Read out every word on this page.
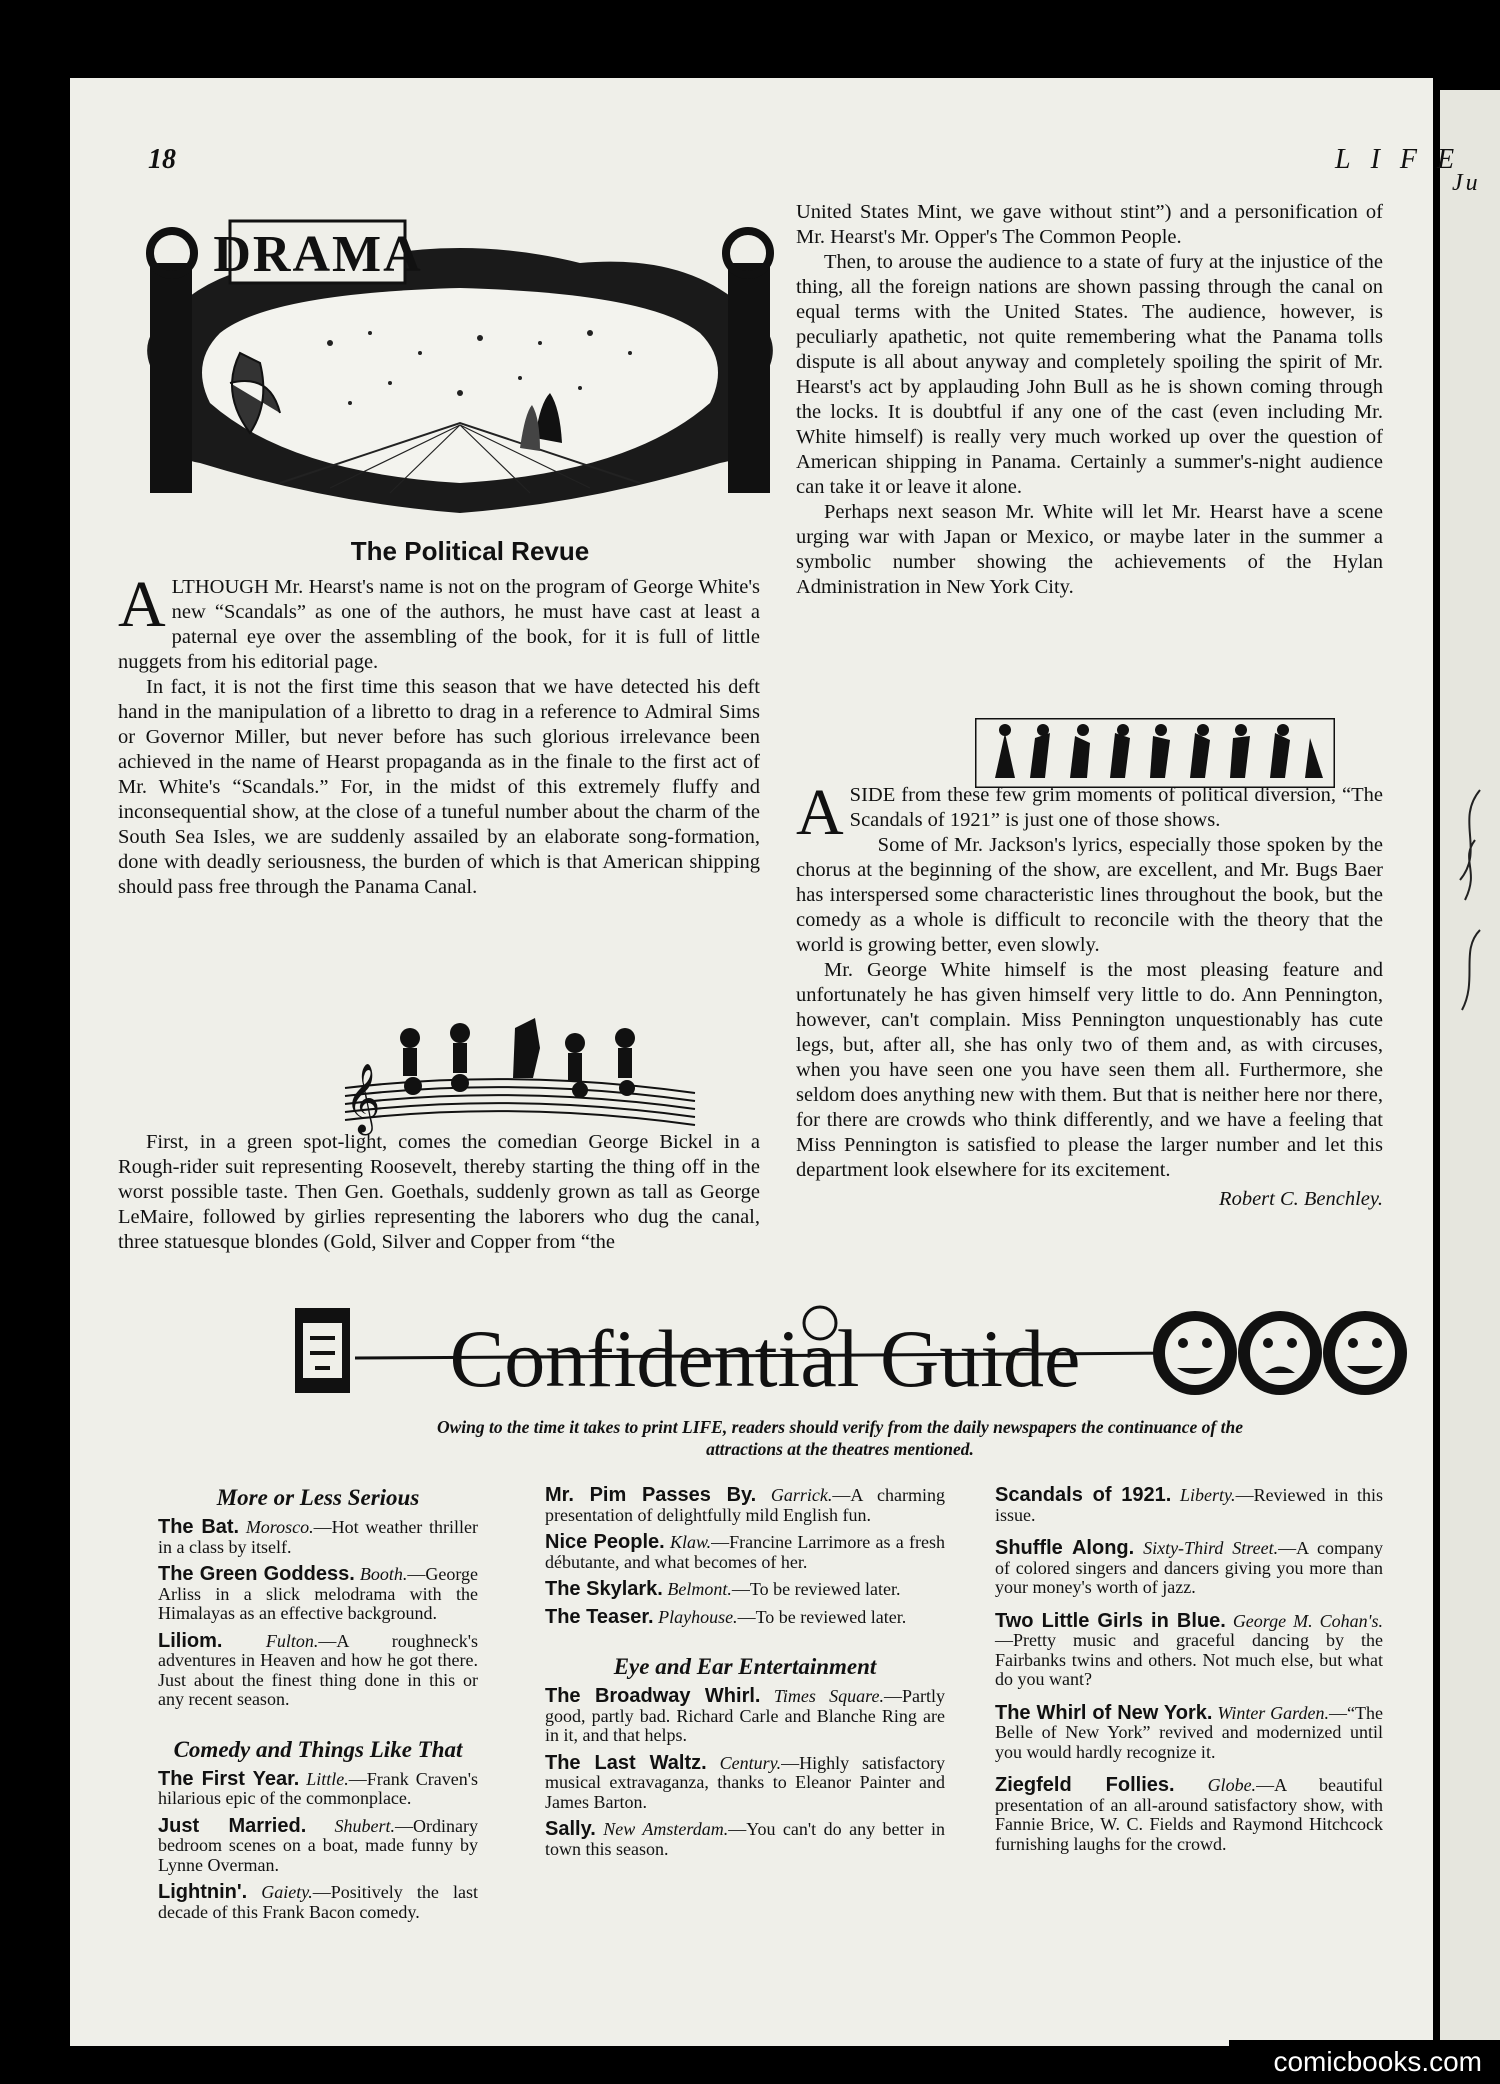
Ju
18	LIFE
DRAMA
The Political Revue

ALTHOUGH Mr. Hearst's name is not on the program of George White's new “Scandals” as one of the authors, he must have cast at least a paternal eye over the assembling of the book, for it is full of little nuggets from his editorial page.

In fact, it is not the first time this season that we have detected his deft hand in the manipulation of a libretto to drag in a reference to Admiral Sims or Governor Miller, but never before has such glorious irrelevance been achieved in the name of Hearst propaganda as in the finale to the first act of Mr. White's “Scandals.” For, in the midst of this extremely fluffy and inconsequential show, at the close of a tuneful number about the charm of the South Sea Isles, we are suddenly assailed by an elaborate song-formation, done with deadly seriousness, the burden of which is that American shipping should pass free through the Panama Canal.

𝄞

First, in a green spot-light, comes the comedian George Bickel in a Rough-rider suit representing Roosevelt, thereby starting the thing off in the worst possible taste. Then Gen. Goethals, suddenly grown as tall as George LeMaire, followed by girlies representing the laborers who dug the canal, three statuesque blondes (Gold, Silver and Copper from “the

United States Mint, we gave without stint”) and a personification of Mr. Hearst's Mr. Opper's The Common People.

Then, to arouse the audience to a state of fury at the injustice of the thing, all the foreign nations are shown passing through the canal on equal terms with the United States. The audience, however, is peculiarly apathetic, not quite remembering what the Panama tolls dispute is all about anyway and completely spoiling the spirit of Mr. Hearst's act by applauding John Bull as he is shown coming through the locks. It is doubtful if any one of the cast (even including Mr. White himself) is really very much worked up over the question of American shipping in Panama. Certainly a summer's-night audience can take it or leave it alone.

Perhaps next season Mr. White will let Mr. Hearst have a scene urging war with Japan or Mexico, or maybe later in the summer a symbolic number showing the achievements of the Hylan Administration in New York City.

ASIDE from these few grim moments of political diversion, “The Scandals of 1921” is just one of those shows.

Some of Mr. Jackson's lyrics, especially those spoken by the chorus at the beginning of the show, are excellent, and Mr. Bugs Baer has interspersed some characteristic lines throughout the book, but the comedy as a whole is difficult to reconcile with the theory that the world is growing better, even slowly.

Mr. George White himself is the most pleasing feature and unfortunately he has given himself very little to do. Ann Pennington, however, can't complain. Miss Pennington unquestionably has cute legs, but, after all, she has only two of them and, as with circuses, when you have seen one you have seen them all. Furthermore, she seldom does anything new with them. But that is neither here nor there, for there are crowds who think differently, and we have a feeling that Miss Pennington is satisfied to please the larger number and let this department look elsewhere for its excitement.

Robert C. Benchley.
Confidential Guide
Owing to the time it takes to print LIFE, readers should verify from the daily newspapers the continuance of the attractions at the theatres mentioned.
More or Less Serious
The Bat. Morosco.—Hot weather thriller in a class by itself.
The Green Goddess. Booth.—George Arliss in a slick melodrama with the Himalayas as an effective background.
Liliom. Fulton.—A roughneck's adventures in Heaven and how he got there. Just about the finest thing done in this or any recent season.
Comedy and Things Like That
The First Year. Little.—Frank Craven's hilarious epic of the commonplace.
Just Married. Shubert.—Ordinary bedroom scenes on a boat, made funny by Lynne Overman.
Lightnin'. Gaiety.—Positively the last decade of this Frank Bacon comedy.
Mr. Pim Passes By. Garrick.—A charming presentation of delightfully mild English fun.
Nice People. Klaw.—Francine Larrimore as a fresh débutante, and what becomes of her.
The Skylark. Belmont.—To be reviewed later.
The Teaser. Playhouse.—To be reviewed later.
Eye and Ear Entertainment
The Broadway Whirl. Times Square.—Partly good, partly bad. Richard Carle and Blanche Ring are in it, and that helps.
The Last Waltz. Century.—Highly satisfactory musical extravaganza, thanks to Eleanor Painter and James Barton.
Sally. New Amsterdam.—You can't do any better in town this season.
Scandals of 1921. Liberty.—Reviewed in this issue.
Shuffle Along. Sixty-Third Street.—A company of colored singers and dancers giving you more than your money's worth of jazz.
Two Little Girls in Blue. George M. Cohan's.—Pretty music and graceful dancing by the Fairbanks twins and others. Not much else, but what do you want?
The Whirl of New York. Winter Garden.—“The Belle of New York” revived and modernized until you would hardly recognize it.
Ziegfeld Follies. Globe.—A beautiful presentation of an all-around satisfactory show, with Fannie Brice, W. C. Fields and Raymond Hitchcock furnishing laughs for the crowd.
comicbooks.com
